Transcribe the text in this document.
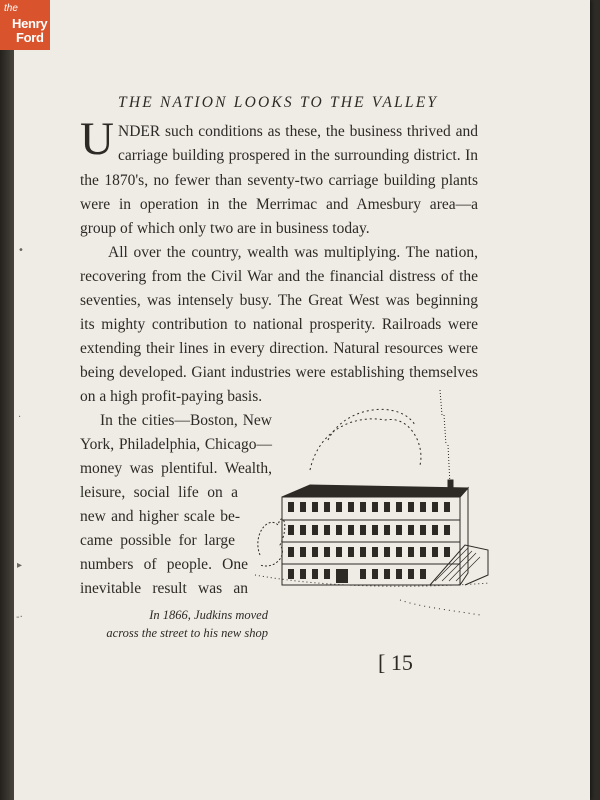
the
Henry
Ford
•
·
▸
-·
THE NATION LOOKS TO THE VALLEY
U NDER such conditions as these, the business thrived and
carriage building prospered in the surrounding district. In
the 1870's, no fewer than seventy-two carriage building plants
were in operation in the Merrimac and Amesbury area—a
group of which only two are in business today.
All over the country, wealth was multiplying. The nation,
recovering from the Civil War and the financial distress of the
seventies, was intensely busy. The Great West was beginning
its mighty contribution to national prosperity. Railroads were
extending their lines in every direction. Natural resources were
being developed. Giant industries were establishing themselves
on a high profit-paying basis.
In the cities—Boston, New
York, Philadelphia, Chicago—
money was plentiful. Wealth,
leisure, social life on a
new and higher scale be-
came possible for large
numbers of people. One
inevitable result was an
In 1866, Judkins moved
across the street to his new shop
[ 15
